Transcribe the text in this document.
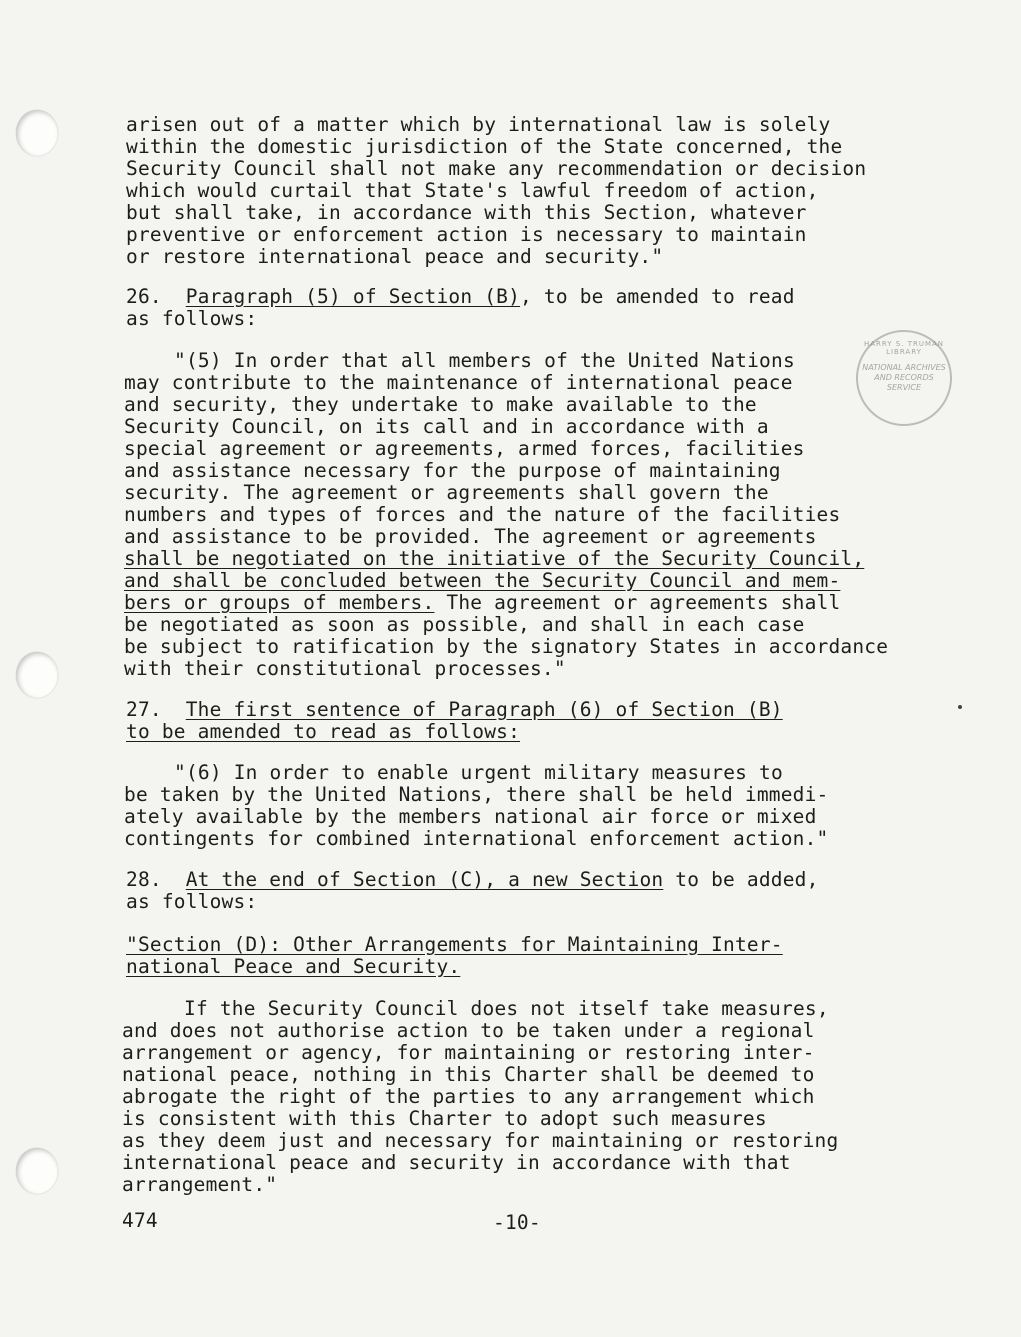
arisen out of a matter which by international law is solely
within the domestic jurisdiction of the State concerned, the
Security Council shall not make any recommendation or decision
which would curtail that State's lawful freedom of action,
but shall take, in accordance with this Section, whatever
preventive or enforcement action is necessary to maintain
or restore international peace and security."
26. Paragraph (5) of Section (B), to be amended to read
as follows:
"(5) In order that all members of the United Nations
may contribute to the maintenance of international peace
and security, they undertake to make available to the
Security Council, on its call and in accordance with a
special agreement or agreements, armed forces, facilities
and assistance necessary for the purpose of maintaining
security. The agreement or agreements shall govern the
numbers and types of forces and the nature of the facilities
and assistance to be provided. The agreement or agreements
shall be negotiated on the initiative of the Security Council,
and shall be concluded between the Security Council and mem-
bers or groups of members. The agreement or agreements shall
be negotiated as soon as possible, and shall in each case
be subject to ratification by the signatory States in accordance
with their constitutional processes."
27. The first sentence of Paragraph (6) of Section (B)
to be amended to read as follows:
"(6) In order to enable urgent military measures to
be taken by the United Nations, there shall be held immedi-
ately available by the members national air force or mixed
contingents for combined international enforcement action."
28. At the end of Section (C), a new Section to be added,
as follows:
"Section (D): Other Arrangements for Maintaining Inter-
national Peace and Security.
If the Security Council does not itself take measures,
and does not authorise action to be taken under a regional
arrangement or agency, for maintaining or restoring inter-
national peace, nothing in this Charter shall be deemed to
abrogate the right of the parties to any arrangement which
is consistent with this Charter to adopt such measures
as they deem just and necessary for maintaining or restoring
international peace and security in accordance with that
arrangement."
474	-10-
HARRY S. TRUMAN LIBRARY
NATIONAL ARCHIVES AND RECORDS SERVICE
